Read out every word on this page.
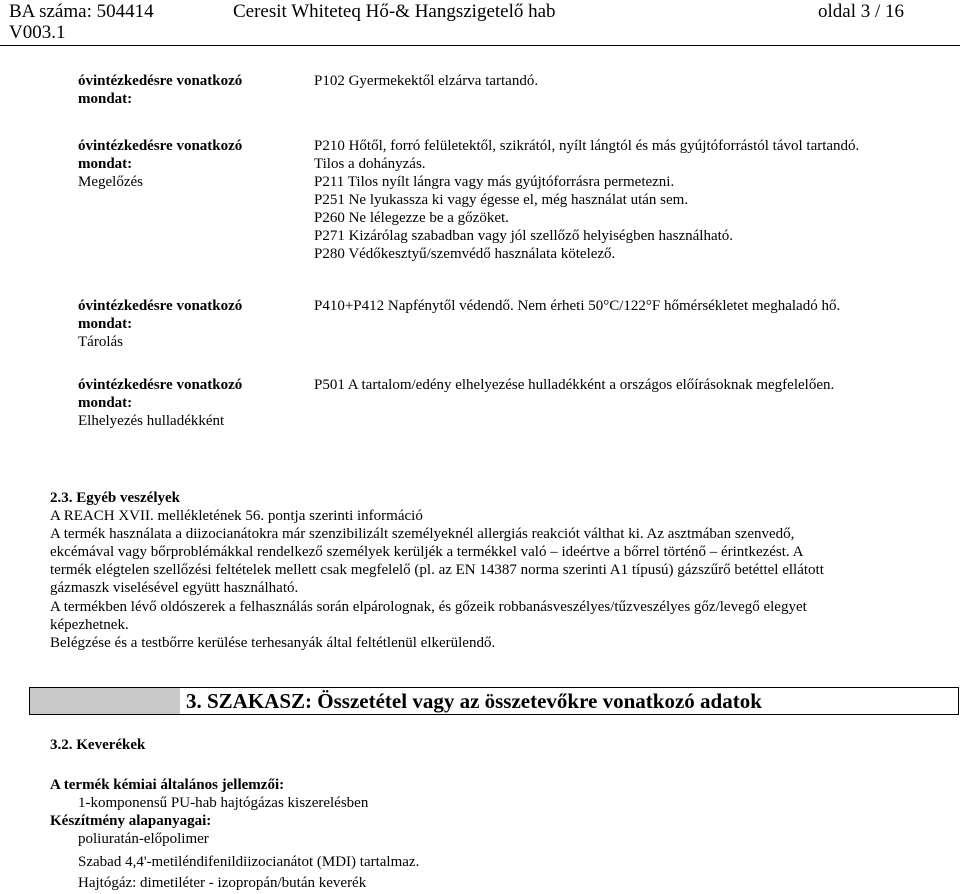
BA száma: 504414
V003.1
Ceresit Whiteteq Hő-& Hangszigetelő hab	oldal 3 / 16
óvintézkedésre vonatkozó
mondat:
P102 Gyermekektől elzárva tartandó.
óvintézkedésre vonatkozó
mondat:
Megelőzés
P210 Hőtől, forró felületektől, szikrától, nyílt lángtól és más gyújtóforrástól távol tartandó.
Tilos a dohányzás.
P211 Tilos nyílt lángra vagy más gyújtóforrásra permetezni.
P251 Ne lyukassza ki vagy égesse el, még használat után sem.
P260 Ne lélegezze be a gőzöket.
P271 Kizárólag szabadban vagy jól szellőző helyiségben használható.
P280 Védőkesztyű/szemvédő használata kötelező.
óvintézkedésre vonatkozó
mondat:
Tárolás
P410+P412 Napfénytől védendő. Nem érheti 50°C/122°F hőmérsékletet meghaladó hő.
óvintézkedésre vonatkozó
mondat:
Elhelyezés hulladékként
P501 A tartalom/edény elhelyezése hulladékként a országos előírásoknak megfelelően.
2.3. Egyéb veszélyek
A REACH XVII. mellékletének 56. pontja szerinti információ
A termék használata a diizocianátokra már szenzibilizált személyeknél allergiás reakciót válthat ki. Az asztmában szenvedő,
ekcémával vagy bőrproblémákkal rendelkező személyek kerüljék a termékkel való – ideértve a bőrrel történő – érintkezést. A
termék elégtelen szellőzési feltételek mellett csak megfelelő (pl. az EN 14387 norma szerinti A1 típusú) gázszűrő betéttel ellátott
gázmaszk viselésével együtt használható.
A termékben lévő oldószerek a felhasználás során elpárolognak, és gőzeik robbanásveszélyes/tűzveszélyes gőz/levegő elegyet
képezhetnek.
Belégzése és a testbőrre kerülése terhesanyák által feltétlenül elkerülendő.
3. SZAKASZ: Összetétel vagy az összetevőkre vonatkozó adatok
3.2. Keverékek
A termék kémiai általános jellemzői:
1-komponensű PU-hab hajtógázas kiszerelésben
Készítmény alapanyagai:
poliuratán-előpolimer
Szabad 4,4'-metiléndifenildiizocianátot (MDI) tartalmaz.
Hajtógáz: dimetiléter - izopropán/bután keverék
